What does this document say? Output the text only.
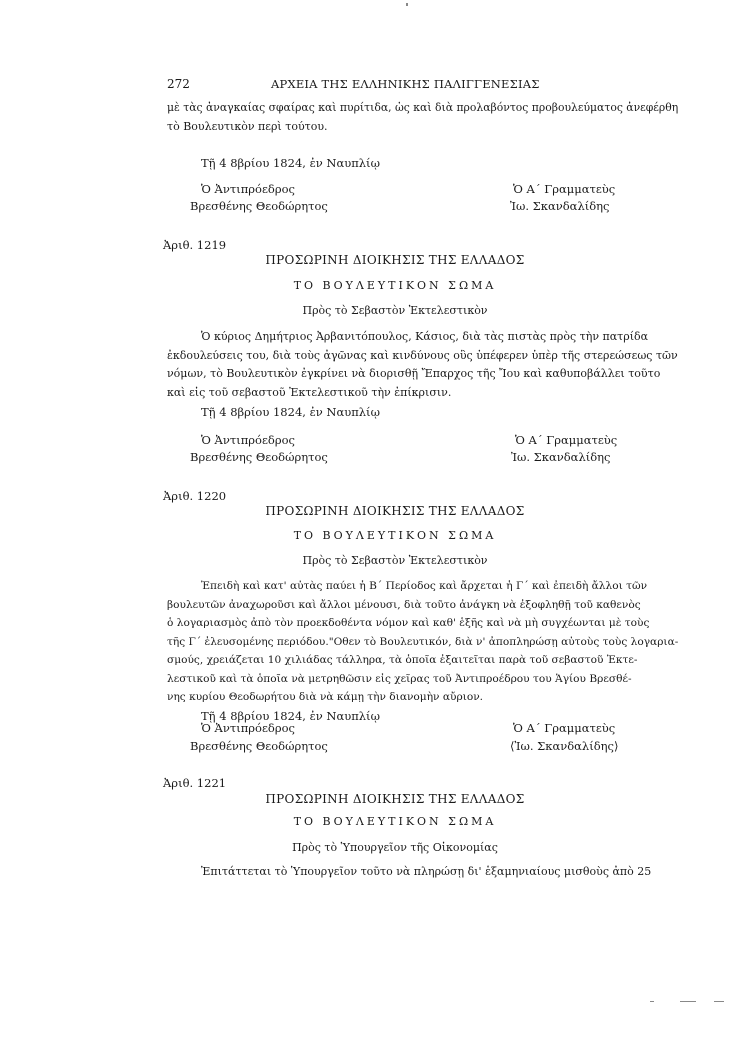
272	ΑΡΧΕΙΑ ΤΗΣ ΕΛΛΗΝΙΚΗΣ ΠΑΛΙΓΓΕΝΕΣΙΑΣ
μὲ τὰς ἀναγκαίας σφαίρας καὶ πυρίτιδα, ὡς καὶ διὰ προλαβόντος προβουλεύματος ἀνεφέρθη
τὸ Βουλευτικὸν περὶ τούτου.
Τῇ 4 8βρίου 1824, ἐν Ναυπλίῳ
Ὁ Ἀντιπρόεδρος
Βρεσθένης Θεοδώρητος
Ὁ Α΄ Γραμματεὺς
Ἰω. Σκανδαλίδης
Ἀριθ. 1219
ΠΡΟΣΩΡΙΝΗ ΔΙΟΙΚΗΣΙΣ ΤΗΣ ΕΛΛΑΔΟΣ
ΤΟ ΒΟΥΛΕΥΤΙΚΟΝ ΣΩΜΑ
Πρὸς τὸ Σεβαστὸν Ἐκτελεστικὸν
Ὁ κύριος Δημήτριος Ἀρβανιτόπουλος, Κάσιος, διὰ τὰς πιστὰς πρὸς τὴν πατρίδα
ἐκδουλεύσεις του, διὰ τοὺς ἀγῶνας καὶ κινδύνους οὓς ὑπέφερεν ὑπὲρ τῆς στερεώσεως τῶν
νόμων, τὸ Βουλευτικὸν ἐγκρίνει νὰ διορισθῇ Ἔπαρχος τῆς Ἴου καὶ καθυποβάλλει τοῦτο
καὶ εἰς τοῦ σεβαστοῦ Ἐκτελεστικοῦ τὴν ἐπίκρισιν.
Τῇ 4 8βρίου 1824, ἐν Ναυπλίῳ
Ὁ Ἀντιπρόεδρος
Βρεσθένης Θεοδώρητος
Ὁ Α΄ Γραμματεὺς
Ἰω. Σκανδαλίδης
Ἀριθ. 1220
ΠΡΟΣΩΡΙΝΗ ΔΙΟΙΚΗΣΙΣ ΤΗΣ ΕΛΛΑΔΟΣ
ΤΟ ΒΟΥΛΕΥΤΙΚΟΝ ΣΩΜΑ
Πρὸς τὸ Σεβαστὸν Ἐκτελεστικὸν
Ἐπειδὴ καὶ κατ' αὐτὰς παύει ἡ Β΄ Περίοδος καὶ ἄρχεται ἡ Γ΄ καὶ ἐπειδὴ ἄλλοι τῶν
βουλευτῶν ἀναχωροῦσι καὶ ἄλλοι μένουσι, διὰ τοῦτο ἀνάγκη νὰ ἐξοφληθῇ τοῦ καθενὸς
ὁ λογαριασμὸς ἀπὸ τὸν προεκδοθέντα νόμον καὶ καθ' ἑξῆς καὶ νὰ μὴ συγχέωνται μὲ τοὺς
τῆς Γ΄ ἐλευσομένης περιόδου."Οθεν τὸ Βουλευτικόν, διὰ ν' ἀποπληρώσῃ αὐτοὺς τοὺς λογαρια-
σμούς, χρειάζεται 10 χιλιάδας τάλληρα, τὰ ὁποῖα ἐξαιτεῖται παρὰ τοῦ σεβαστοῦ Ἐκτε-
λεστικοῦ καὶ τὰ ὁποῖα νὰ μετρηθῶσιν εἰς χεῖρας τοῦ Ἀντιπροέδρου του Ἁγίου Βρεσθέ-
νης κυρίου Θεοδωρήτου διὰ νὰ κάμῃ τὴν διανομὴν αὔριον.
Τῇ 4 8βρίου 1824, ἐν Ναυπλίῳ
Ὁ Ἀντιπρόεδρος
Βρεσθένης Θεοδώρητος
Ὁ Α΄ Γραμματεὺς
⟨Ἰω. Σκανδαλίδης⟩
Ἀριθ. 1221
ΠΡΟΣΩΡΙΝΗ ΔΙΟΙΚΗΣΙΣ ΤΗΣ ΕΛΛΑΔΟΣ
ΤΟ ΒΟΥΛΕΥΤΙΚΟΝ ΣΩΜΑ
Πρὸς τὸ Ὑπουργεῖον τῆς Οἰκονομίας
Ἐπιτάττεται τὸ Ὑπουργεῖον τοῦτο νὰ πληρώσῃ δι' ἑξαμηνιαίους μισθοὺς ἀπὸ 25
